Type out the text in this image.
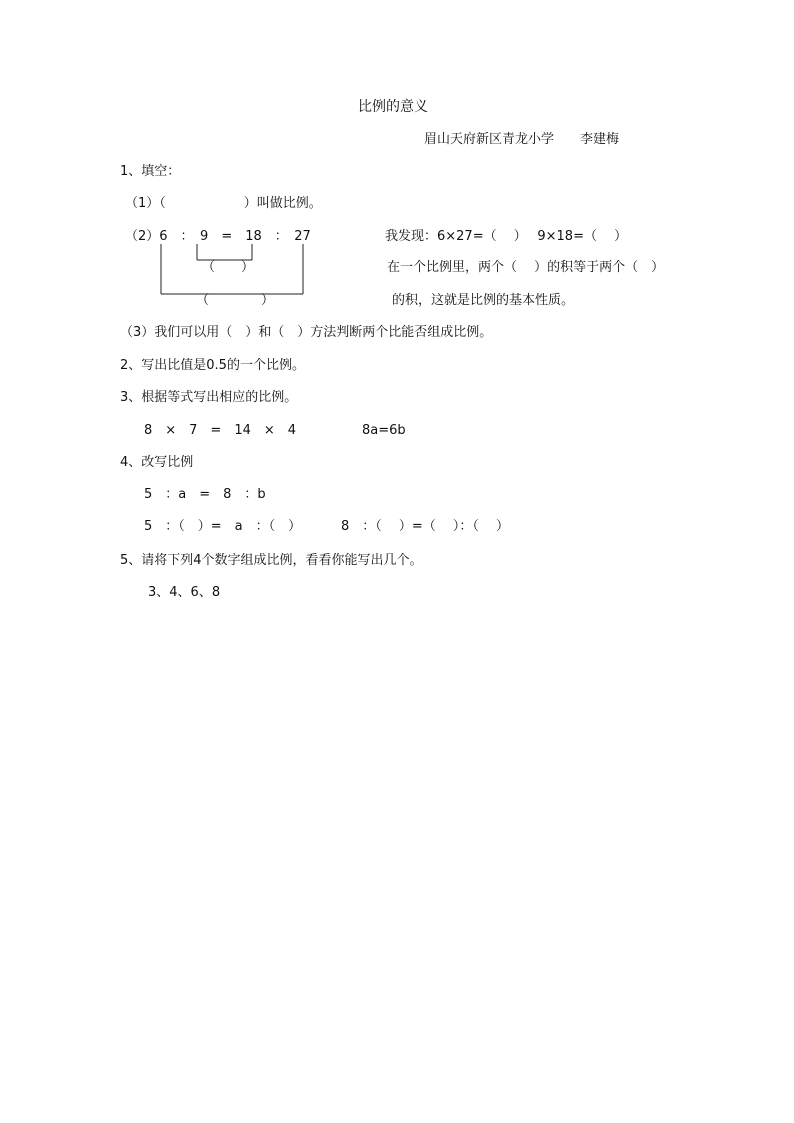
比例的意义
眉山天府新区青龙小学　　李建梅
1、填空：
（1）（　　　　　　）叫做比例。
（2）6　：　9　=　18　：　27	我发现：6×27=（　 ）　 9×18=（　 ）
（　　）	在一个比例里，两个（　 ）的积等于两个（　）
（　　　　）	的积，这就是比例的基本性质。
（3）我们可以用（　）和（　）方法判断两个比能否组成比例。
2、写出比值是0.5的一个比例。
3、根据等式写出相应的比例。
8　×　7　=　14　×　4	8a=6b
4、改写比例
5　：a　=　8　：b
5　：（　）=　a　：（　）	8　：（　 ）=（　 ）：（　 ）
5、请将下列4个数字组成比例，看看你能写出几个。
3、4、6、8
